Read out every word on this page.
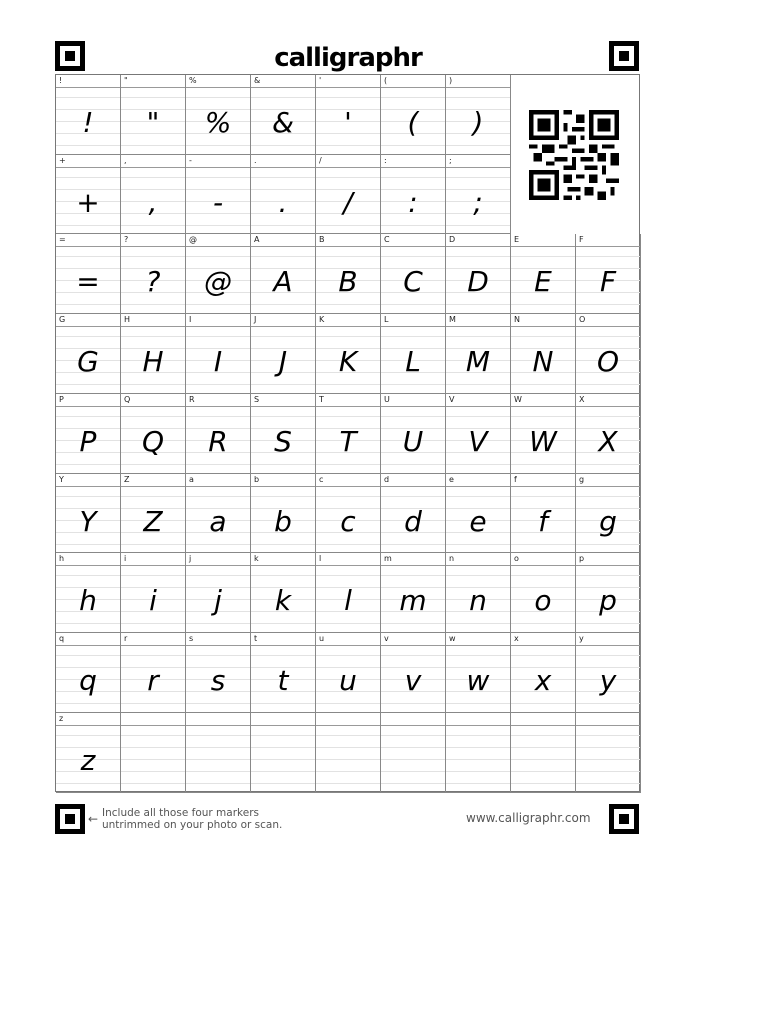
calligraphr
!
!
"
"
%
%
&
&
'
'
(
(
)
)
+
+
,
,
-
-
.
.
/
/
:
:
;
;
=
=
?
?
@
@
A
A
B
B
C
C
D
D
E
E
F
F
G
G
H
H
I
I
J
J
K
K
L
L
M
M
N
N
O
O
P
P
Q
Q
R
R
S
S
T
T
U
U
V
V
W
W
X
X
Y
Y
Z
Z
a
a
b
b
c
c
d
d
e
e
f
f
g
g
h
h
i
i
j
j
k
k
l
l
m
m
n
n
o
o
p
p
q
q
r
r
s
s
t
t
u
u
v
v
w
w
x
x
y
y
z
z
← Include all those four markers
untrimmed on your photo or scan.	www.calligraphr.com
